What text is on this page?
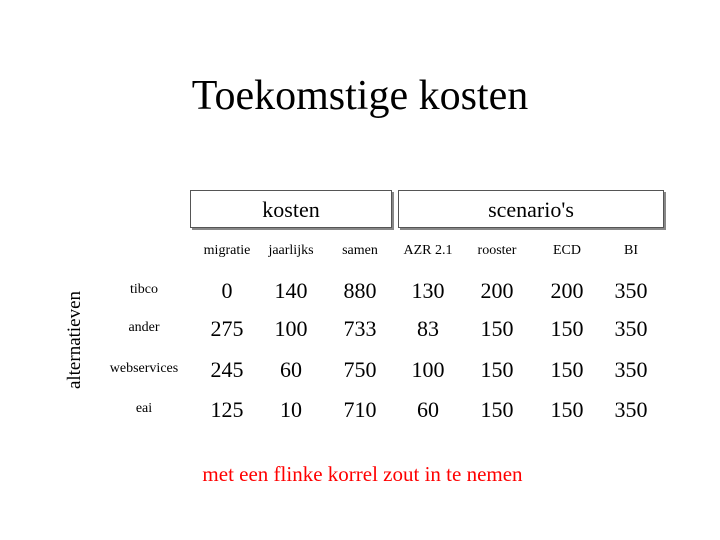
Toekomstige kosten
kosten	scenario's
alternatieven
migratie	jaarlijks	samen	AZR 2.1	rooster	ECD	BI
tibco	0	140	880	130	200	200	350
ander	275	100	733	83	150	150	350
webservices	245	60	750	100	150	150	350
eai	125	10	710	60	150	150	350
met een flinke korrel zout in te nemen
